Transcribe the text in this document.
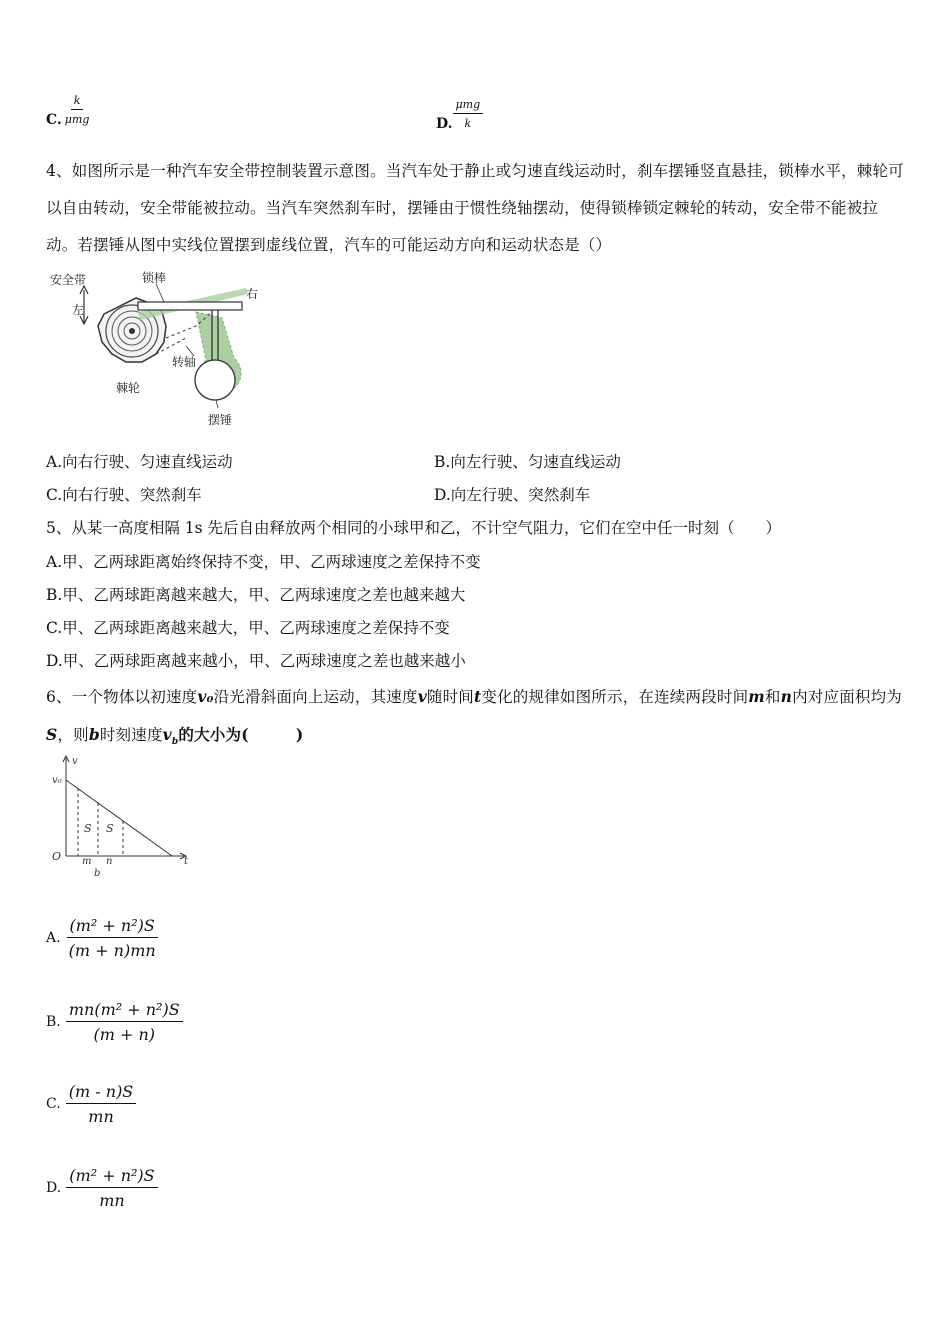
C. $\frac{k}{\text{μmg}}$	D. $\frac{\text{μmg}}{k}$
4、如图所示是一种汽车安全带控制装置示意图。当汽车处于静止或匀速直线运动时，刹车摆锤竖直悬挂，锁棒水平，棘轮可以自由转动，安全带能被拉动。当汽车突然刹车时，摆锤由于惯性绕轴摆动，使得锁棒锁定棘轮的转动，安全带不能被拉动。若摆锤从图中实线位置摆到虚线位置，汽车的可能运动方向和运动状态是（）
安全带
左
锁棒
右
转轴
棘轮
摆锤
A.向右行驶、匀速直线运动	B.向左行驶、匀速直线运动
C.向右行驶、突然刹车	D.向左行驶、突然刹车
5、从某一高度相隔 1s 先后自由释放两个相同的小球甲和乙，不计空气阻力，它们在空中任一时刻（　　）
A.甲、乙两球距离始终保持不变，甲、乙两球速度之差保持不变
B.甲、乙两球距离越来越大，甲、乙两球速度之差也越来越大
C.甲、乙两球距离越来越大，甲、乙两球速度之差保持不变
D.甲、乙两球距离越来越小，甲、乙两球速度之差也越来越小
6、一个物体以初速度v₀沿光滑斜面向上运动，其速度v随时间t变化的规律如图所示，在连续两段时间m和n内对应面积均为S，则b时刻速度$v_b$的大小为(　　　)
v
v₀
O
S S
m n
b
t
A. $\frac{\text{(m² + n²)S}}{(m + n)mn}$
B. $\frac{\text{mn(m² + n²)S}}{(m + n)}$
C. $\frac{(m - n)S}{mn}$
D. $\frac{\text{(m² + n²)S}}{mn}$
